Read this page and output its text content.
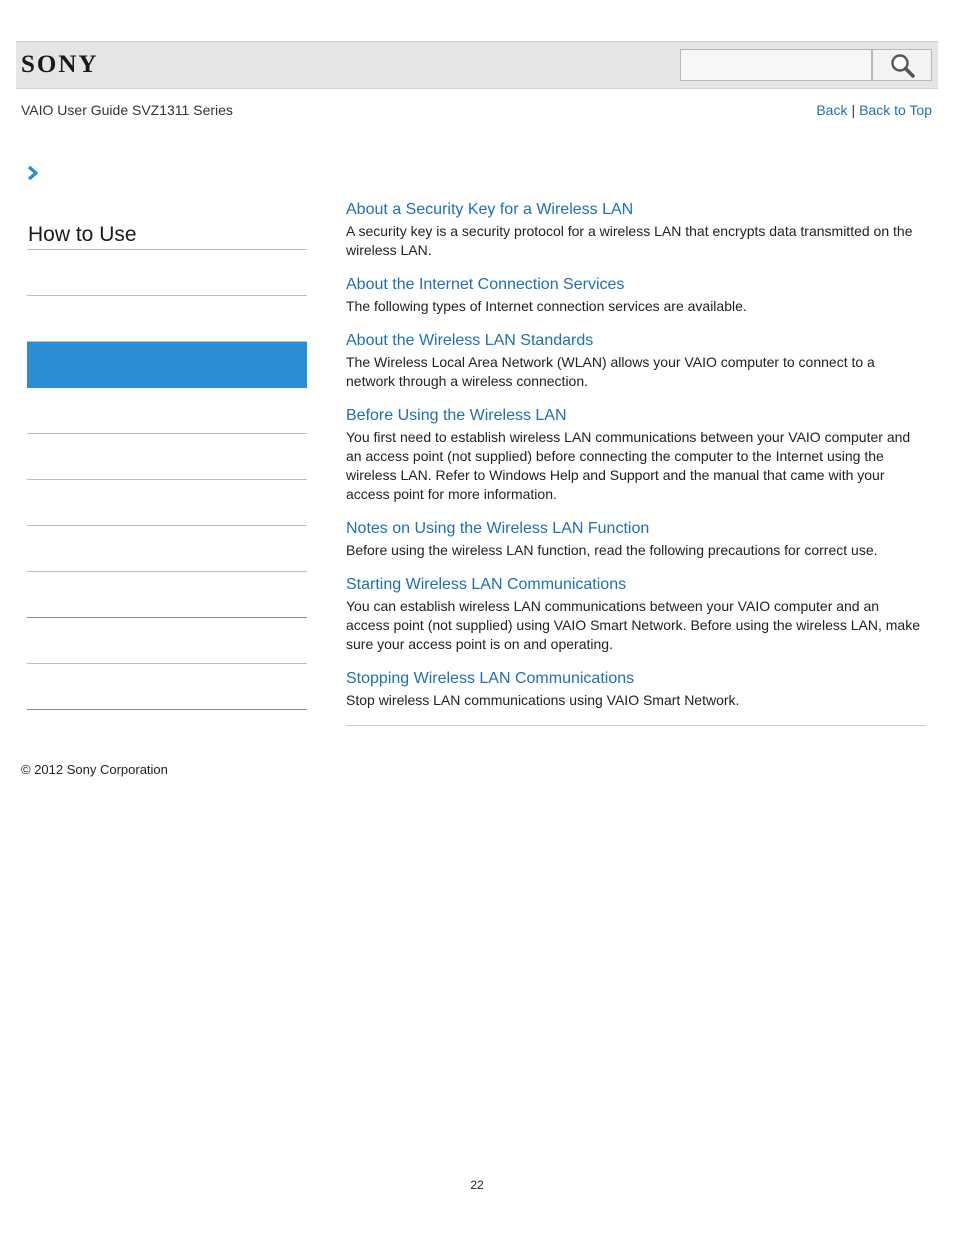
SONY
VAIO User Guide SVZ1311 Series	Back | Back to Top
How to Use
About a Security Key for a Wireless LAN
A security key is a security protocol for a wireless LAN that encrypts data transmitted on the wireless LAN.
About the Internet Connection Services
The following types of Internet connection services are available.
About the Wireless LAN Standards
The Wireless Local Area Network (WLAN) allows your VAIO computer to connect to a network through a wireless connection.
Before Using the Wireless LAN
You first need to establish wireless LAN communications between your VAIO computer and an access point (not supplied) before connecting the computer to the Internet using the wireless LAN. Refer to Windows Help and Support and the manual that came with your access point for more information.
Notes on Using the Wireless LAN Function
Before using the wireless LAN function, read the following precautions for correct use.
Starting Wireless LAN Communications
You can establish wireless LAN communications between your VAIO computer and an access point (not supplied) using VAIO Smart Network. Before using the wireless LAN, make sure your access point is on and operating.
Stopping Wireless LAN Communications
Stop wireless LAN communications using VAIO Smart Network.
© 2012 Sony Corporation
22
